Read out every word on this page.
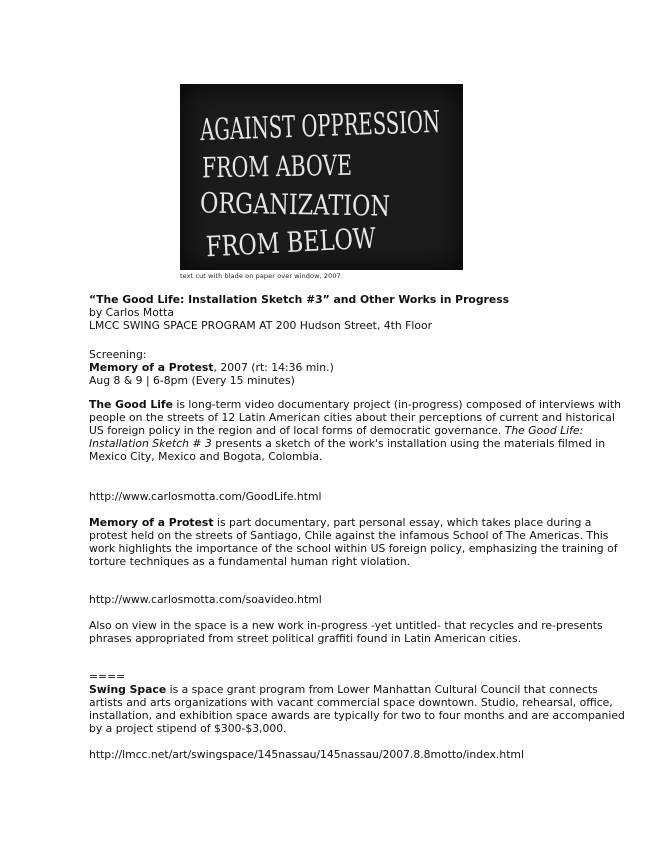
AGAINST OPPRESSION
FROM ABOVE
ORGANIZATION
FROM BELOW
text cut with blade on paper over window, 2007

“The Good Life: Installation Sketch #3” and Other Works in Progress

by Carlos Motta

LMCC SWING SPACE PROGRAM AT 200 Hudson Street, 4th Floor

Screening:

Memory of a Protest, 2007 (rt: 14:36 min.)

Aug 8 & 9 | 6-8pm (Every 15 minutes)

The Good Life is long-term video documentary project (in-progress) composed of interviews with people on the streets of 12 Latin American cities about their perceptions of current and historical US foreign policy in the region and of local forms of democratic governance. The Good Life: Installation Sketch # 3 presents a sketch of the work's installation using the materials filmed in Mexico City, Mexico and Bogota, Colombia.

http://www.carlosmotta.com/GoodLife.html

Memory of a Protest is part documentary, part personal essay, which takes place during a protest held on the streets of Santiago, Chile against the infamous School of The Americas. This work highlights the importance of the school within US foreign policy, emphasizing the training of torture techniques as a fundamental human right violation.

http://www.carlosmotta.com/soavideo.html
Also on view in the space is a new work in-progress -yet untitled- that recycles and re-presents phrases appropriated from street political graffiti found in Latin American cities.
====

Swing Space is a space grant program from Lower Manhattan Cultural Council that connects artists and arts organizations with vacant commercial space downtown. Studio, rehearsal, office, installation, and exhibition space awards are typically for two to four months and are accompanied by a project stipend of $300-$3,000.

http://lmcc.net/art/swingspace/145nassau/145nassau/2007.8.8motto/index.html
